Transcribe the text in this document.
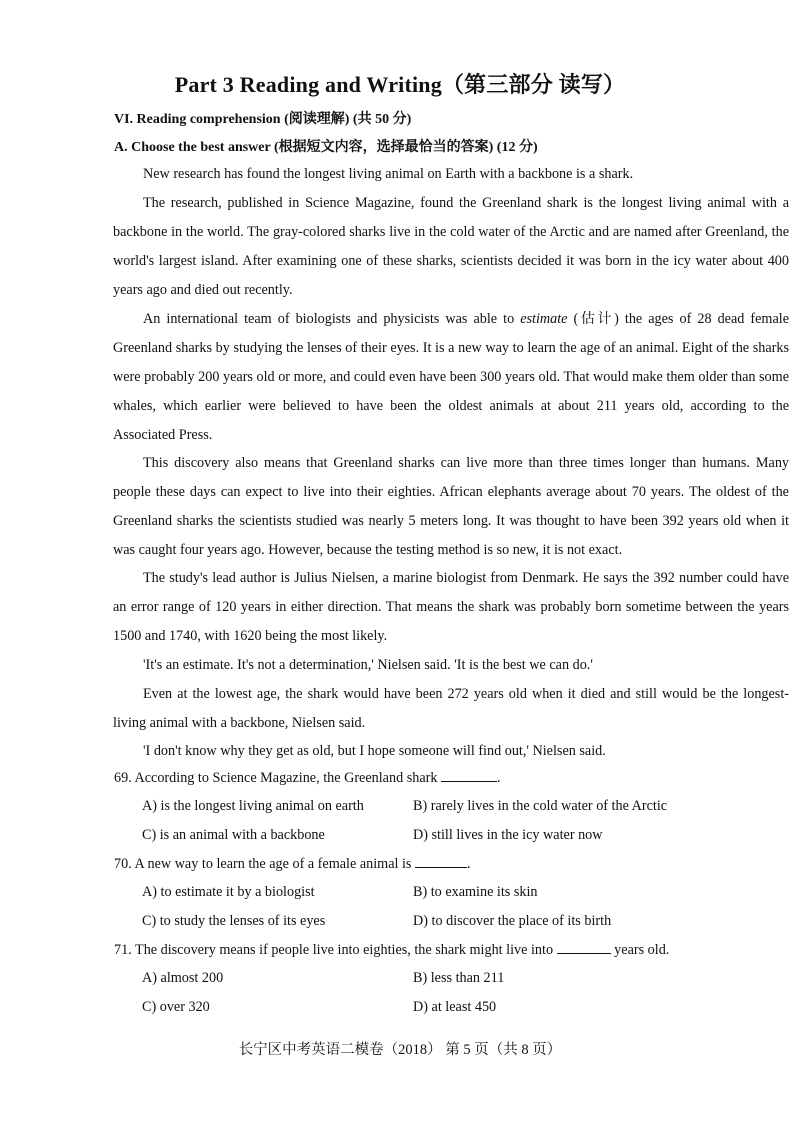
Part 3 Reading and Writing（第三部分 读写）
VI. Reading comprehension (阅读理解) (共 50 分)
A. Choose the best answer (根据短文内容，选择最恰当的答案) (12 分)

New research has found the longest living animal on Earth with a backbone is a shark.

The research, published in Science Magazine, found the Greenland shark is the longest living animal with a backbone in the world. The gray-colored sharks live in the cold water of the Arctic and are named after Greenland, the world's largest island. After examining one of these sharks, scientists decided it was born in the icy water about 400 years ago and died out recently.

An international team of biologists and physicists was able to estimate (估计) the ages of 28 dead female Greenland sharks by studying the lenses of their eyes. It is a new way to learn the age of an animal. Eight of the sharks were probably 200 years old or more, and could even have been 300 years old. That would make them older than some whales, which earlier were believed to have been the oldest animals at about 211 years old, according to the Associated Press.

This discovery also means that Greenland sharks can live more than three times longer than humans. Many people these days can expect to live into their eighties. African elephants average about 70 years. The oldest of the Greenland sharks the scientists studied was nearly 5 meters long. It was thought to have been 392 years old when it was caught four years ago. However, because the testing method is so new, it is not exact.

The study's lead author is Julius Nielsen, a marine biologist from Denmark. He says the 392 number could have an error range of 120 years in either direction. That means the shark was probably born sometime between the years 1500 and 1740, with 1620 being the most likely.

'It's an estimate. It's not a determination,' Nielsen said. 'It is the best we can do.'

Even at the lowest age, the shark would have been 272 years old when it died and still would be the longest-living animal with a backbone, Nielsen said.

'I don't know why they get as old, but I hope someone will find out,' Nielsen said.

69. According to Science Magazine, the Greenland shark	.
A) is the longest living animal on earth	B) rarely lives in the cold water of the Arctic
C) is an animal with a backbone	D) still lives in the icy water now
70. A new way to learn the age of a female animal is	.
A) to estimate it by a biologist	B) to examine its skin
C) to study the lenses of its eyes	D) to discover the place of its birth
71. The discovery means if people live into eighties, the shark might live into	years old.
A) almost 200	B) less than 211
C) over 320	D) at least 450
长宁区中考英语二模卷（2018） 第 5 页（共 8 页）
